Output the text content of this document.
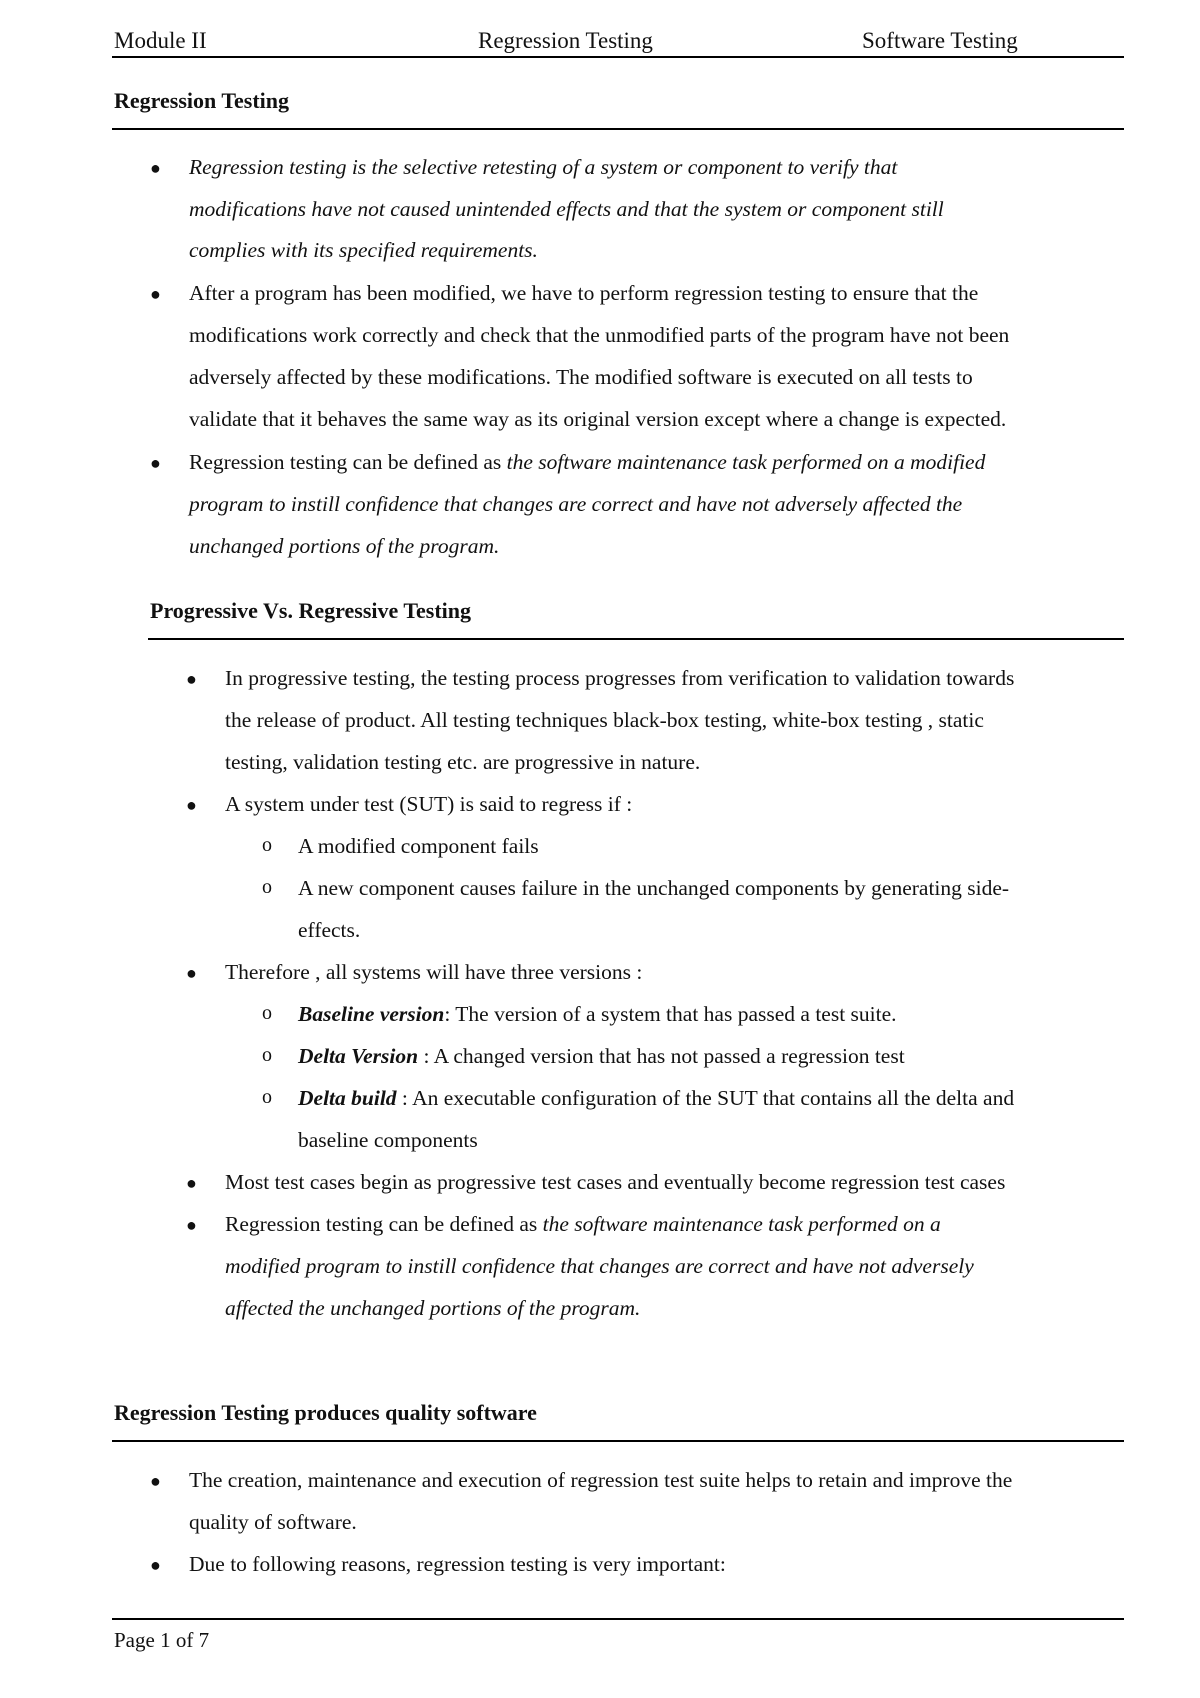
Module II	Regression Testing	Software Testing
Regression Testing
● Regression testing is the selective retesting of a system or component to verify that
modifications have not caused unintended effects and that the system or component still
complies with its specified requirements.
● After a program has been modified, we have to perform regression testing to ensure that the
modifications work correctly and check that the unmodified parts of the program have not been
adversely affected by these modifications. The modified software is executed on all tests to
validate that it behaves the same way as its original version except where a change is expected.
● Regression testing can be defined as the software maintenance task performed on a modified
program to instill confidence that changes are correct and have not adversely affected the
unchanged portions of the program.
Progressive Vs. Regressive Testing
● In progressive testing, the testing process progresses from verification to validation towards
the release of product. All testing techniques black-box testing, white-box testing , static
testing, validation testing etc. are progressive in nature.
● A system under test (SUT) is said to regress if :
o A modified component fails
o A new component causes failure in the unchanged components by generating side-
effects.
● Therefore , all systems will have three versions :
o Baseline version: The version of a system that has passed a test suite.
o Delta Version : A changed version that has not passed a regression test
o Delta build : An executable configuration of the SUT that contains all the delta and
baseline components
● Most test cases begin as progressive test cases and eventually become regression test cases
● Regression testing can be defined as the software maintenance task performed on a
modified program to instill confidence that changes are correct and have not adversely
affected the unchanged portions of the program.
Regression Testing produces quality software
● The creation, maintenance and execution of regression test suite helps to retain and improve the
quality of software.
● Due to following reasons, regression testing is very important:
Page 1 of 7
